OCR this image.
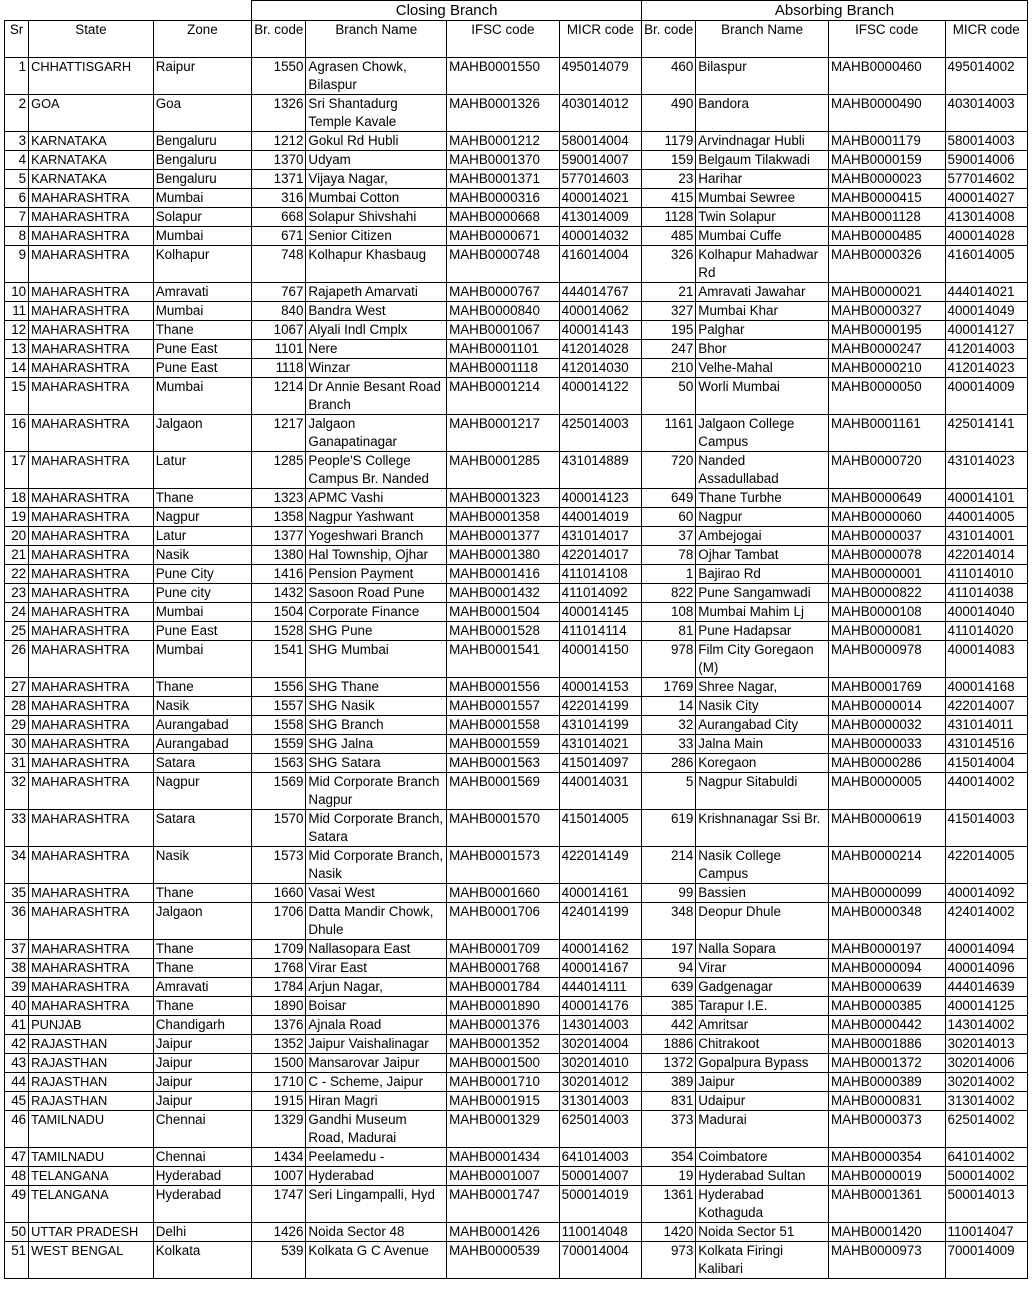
			Closing Branch				Absorbing Branch			
Sr	State	Zone	Br. code	Branch Name	IFSC code	MICR code	Br. code	Branch Name	IFSC code	MICR code
1	CHHATTISGARH	Raipur	1550	Agrasen Chowk, Bilaspur	MAHB0001550	495014079	460	Bilaspur	MAHB0000460	495014002
2	GOA	Goa	1326	Sri Shantadurg Temple Kavale	MAHB0001326	403014012	490	Bandora	MAHB0000490	403014003
3	KARNATAKA	Bengaluru	1212	Gokul Rd Hubli	MAHB0001212	580014004	1179	Arvindnagar Hubli	MAHB0001179	580014003
4	KARNATAKA	Bengaluru	1370	Udyam	MAHB0001370	590014007	159	Belgaum Tilakwadi	MAHB0000159	590014006
5	KARNATAKA	Bengaluru	1371	Vijaya Nagar,	MAHB0001371	577014603	23	Harihar	MAHB0000023	577014602
6	MAHARASHTRA	Mumbai	316	Mumbai Cotton	MAHB0000316	400014021	415	Mumbai Sewree	MAHB0000415	400014027
7	MAHARASHTRA	Solapur	668	Solapur Shivshahi	MAHB0000668	413014009	1128	Twin Solapur	MAHB0001128	413014008
8	MAHARASHTRA	Mumbai	671	Senior Citizen	MAHB0000671	400014032	485	Mumbai Cuffe	MAHB0000485	400014028
9	MAHARASHTRA	Kolhapur	748	Kolhapur Khasbaug	MAHB0000748	416014004	326	Kolhapur Mahadwar Rd	MAHB0000326	416014005
10	MAHARASHTRA	Amravati	767	Rajapeth Amarvati	MAHB0000767	444014767	21	Amravati Jawahar	MAHB0000021	444014021
11	MAHARASHTRA	Mumbai	840	Bandra West	MAHB0000840	400014062	327	Mumbai Khar	MAHB0000327	400014049
12	MAHARASHTRA	Thane	1067	Alyali Indl Cmplx	MAHB0001067	400014143	195	Palghar	MAHB0000195	400014127
13	MAHARASHTRA	Pune East	1101	Nere	MAHB0001101	412014028	247	Bhor	MAHB0000247	412014003
14	MAHARASHTRA	Pune East	1118	Winzar	MAHB0001118	412014030	210	Velhe-Mahal	MAHB0000210	412014023
15	MAHARASHTRA	Mumbai	1214	Dr Annie Besant Road Branch	MAHB0001214	400014122	50	Worli Mumbai	MAHB0000050	400014009
16	MAHARASHTRA	Jalgaon	1217	Jalgaon Ganapatinagar	MAHB0001217	425014003	1161	Jalgaon College Campus	MAHB0001161	425014141
17	MAHARASHTRA	Latur	1285	People'S College Campus Br. Nanded	MAHB0001285	431014889	720	Nanded Assadullabad	MAHB0000720	431014023
18	MAHARASHTRA	Thane	1323	APMC Vashi	MAHB0001323	400014123	649	Thane Turbhe	MAHB0000649	400014101
19	MAHARASHTRA	Nagpur	1358	Nagpur Yashwant	MAHB0001358	440014019	60	Nagpur	MAHB0000060	440014005
20	MAHARASHTRA	Latur	1377	Yogeshwari Branch	MAHB0001377	431014017	37	Ambejogai	MAHB0000037	431014001
21	MAHARASHTRA	Nasik	1380	Hal Township, Ojhar	MAHB0001380	422014017	78	Ojhar Tambat	MAHB0000078	422014014
22	MAHARASHTRA	Pune City	1416	Pension Payment	MAHB0001416	411014108	1	Bajirao Rd	MAHB0000001	411014010
23	MAHARASHTRA	Pune city	1432	Sasoon Road Pune	MAHB0001432	411014092	822	Pune Sangamwadi	MAHB0000822	411014038
24	MAHARASHTRA	Mumbai	1504	Corporate Finance	MAHB0001504	400014145	108	Mumbai Mahim Lj	MAHB0000108	400014040
25	MAHARASHTRA	Pune East	1528	SHG Pune	MAHB0001528	411014114	81	Pune Hadapsar	MAHB0000081	411014020
26	MAHARASHTRA	Mumbai	1541	SHG Mumbai	MAHB0001541	400014150	978	Film City Goregaon (M)	MAHB0000978	400014083
27	MAHARASHTRA	Thane	1556	SHG Thane	MAHB0001556	400014153	1769	Shree Nagar,	MAHB0001769	400014168
28	MAHARASHTRA	Nasik	1557	SHG Nasik	MAHB0001557	422014199	14	Nasik City	MAHB0000014	422014007
29	MAHARASHTRA	Aurangabad	1558	SHG Branch	MAHB0001558	431014199	32	Aurangabad City	MAHB0000032	431014011
30	MAHARASHTRA	Aurangabad	1559	SHG Jalna	MAHB0001559	431014021	33	Jalna Main	MAHB0000033	431014516
31	MAHARASHTRA	Satara	1563	SHG Satara	MAHB0001563	415014097	286	Koregaon	MAHB0000286	415014004
32	MAHARASHTRA	Nagpur	1569	Mid Corporate Branch Nagpur	MAHB0001569	440014031	5	Nagpur Sitabuldi	MAHB0000005	440014002
33	MAHARASHTRA	Satara	1570	Mid Corporate Branch, Satara	MAHB0001570	415014005	619	Krishnanagar Ssi Br.	MAHB0000619	415014003
34	MAHARASHTRA	Nasik	1573	Mid Corporate Branch, Nasik	MAHB0001573	422014149	214	Nasik College Campus	MAHB0000214	422014005
35	MAHARASHTRA	Thane	1660	Vasai West	MAHB0001660	400014161	99	Bassien	MAHB0000099	400014092
36	MAHARASHTRA	Jalgaon	1706	Datta Mandir Chowk, Dhule	MAHB0001706	424014199	348	Deopur Dhule	MAHB0000348	424014002
37	MAHARASHTRA	Thane	1709	Nallasopara East	MAHB0001709	400014162	197	Nalla Sopara	MAHB0000197	400014094
38	MAHARASHTRA	Thane	1768	Virar East	MAHB0001768	400014167	94	Virar	MAHB0000094	400014096
39	MAHARASHTRA	Amravati	1784	Arjun Nagar,	MAHB0001784	444014111	639	Gadgenagar	MAHB0000639	444014639
40	MAHARASHTRA	Thane	1890	Boisar	MAHB0001890	400014176	385	Tarapur I.E.	MAHB0000385	400014125
41	PUNJAB	Chandigarh	1376	Ajnala Road	MAHB0001376	143014003	442	Amritsar	MAHB0000442	143014002
42	RAJASTHAN	Jaipur	1352	Jaipur Vaishalinagar	MAHB0001352	302014004	1886	Chitrakoot	MAHB0001886	302014013
43	RAJASTHAN	Jaipur	1500	Mansarovar Jaipur	MAHB0001500	302014010	1372	Gopalpura Bypass	MAHB0001372	302014006
44	RAJASTHAN	Jaipur	1710	C - Scheme, Jaipur	MAHB0001710	302014012	389	Jaipur	MAHB0000389	302014002
45	RAJASTHAN	Jaipur	1915	Hiran Magri	MAHB0001915	313014003	831	Udaipur	MAHB0000831	313014002
46	TAMILNADU	Chennai	1329	Gandhi Museum Road, Madurai	MAHB0001329	625014003	373	Madurai	MAHB0000373	625014002
47	TAMILNADU	Chennai	1434	Peelamedu -	MAHB0001434	641014003	354	Coimbatore	MAHB0000354	641014002
48	TELANGANA	Hyderabad	1007	Hyderabad	MAHB0001007	500014007	19	Hyderabad Sultan	MAHB0000019	500014002
49	TELANGANA	Hyderabad	1747	Seri Lingampalli, Hyd	MAHB0001747	500014019	1361	Hyderabad Kothaguda	MAHB0001361	500014013
50	UTTAR PRADESH	Delhi	1426	Noida Sector 48	MAHB0001426	110014048	1420	Noida Sector 51	MAHB0001420	110014047
51	WEST BENGAL	Kolkata	539	Kolkata G C Avenue	MAHB0000539	700014004	973	Kolkata Firingi Kalibari	MAHB0000973	700014009
